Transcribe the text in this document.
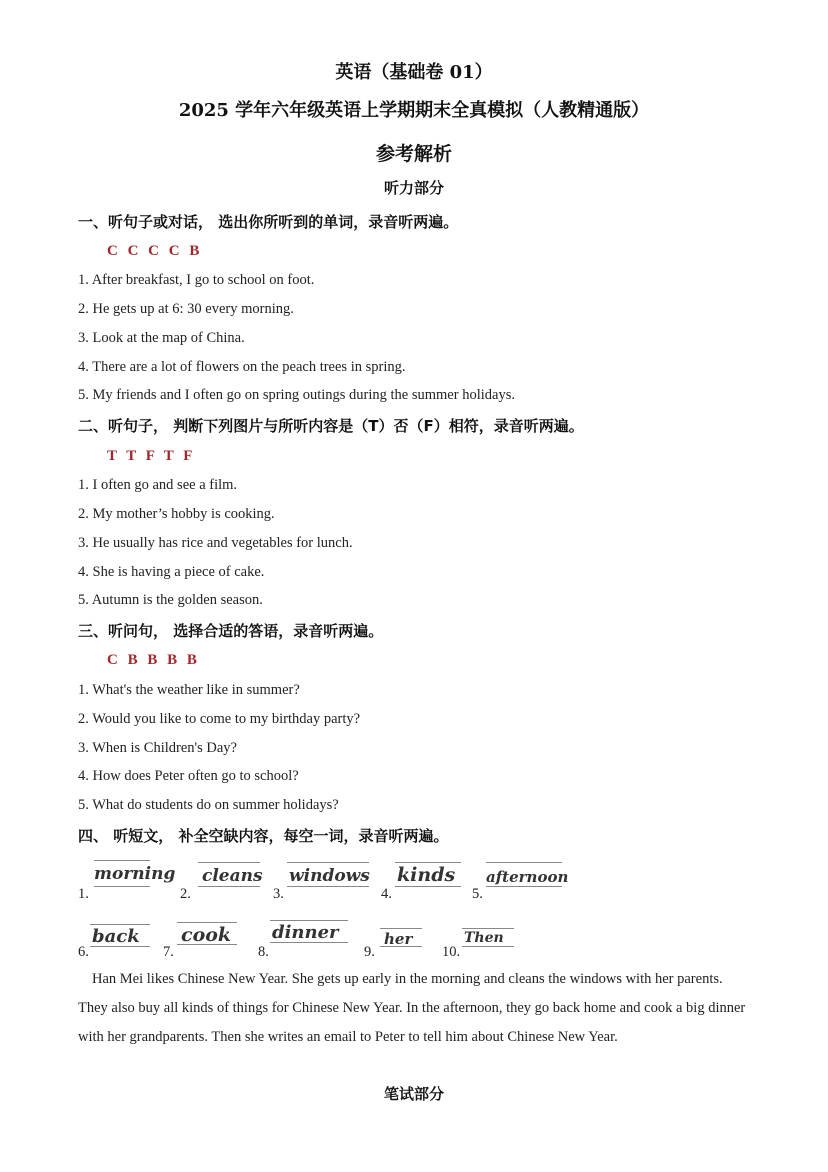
英语（基础卷 01）
2025 学年六年级英语上学期期末全真模拟（人教精通版）
参考解析
听力部分
一、听句子或对话， 选出你所听到的单词，录音听两遍。
C C C C B
1. After breakfast, I go to school on foot.
2. He gets up at 6: 30 every morning.
3. Look at the map of China.
4. There are a lot of flowers on the peach trees in spring.
5. My friends and I often go on spring outings during the summer holidays.
二、听句子， 判断下列图片与所听内容是（T）否（F）相符，录音听两遍。
T T F T F
1. I often go and see a film.
2. My mother’s hobby is cooking.
3. He usually has rice and vegetables for lunch.
4. She is having a piece of cake.
5. Autumn is the golden season.
三、听问句， 选择合适的答语，录音听两遍。
C B B B B
1. What's the weather like in summer?
2. Would you like to come to my birthday party?
3. When is Children's Day?
4. How does Peter often go to school?
5. What do students do on summer holidays?
四、 听短文， 补全空缺内容，每空一词，录音听两遍。
1.
morning
2.
cleans
3.
windows
4.
kinds
5.
afternoon
6.
back
7.
cook
8.
dinner
9.
her
10.
Then
Han Mei likes Chinese New Year. She gets up early in the morning and cleans the windows with her parents. They also buy all kinds of things for Chinese New Year. In the afternoon, they go back home and cook a big dinner with her grandparents. Then she writes an email to Peter to tell him about Chinese New Year.
笔试部分
